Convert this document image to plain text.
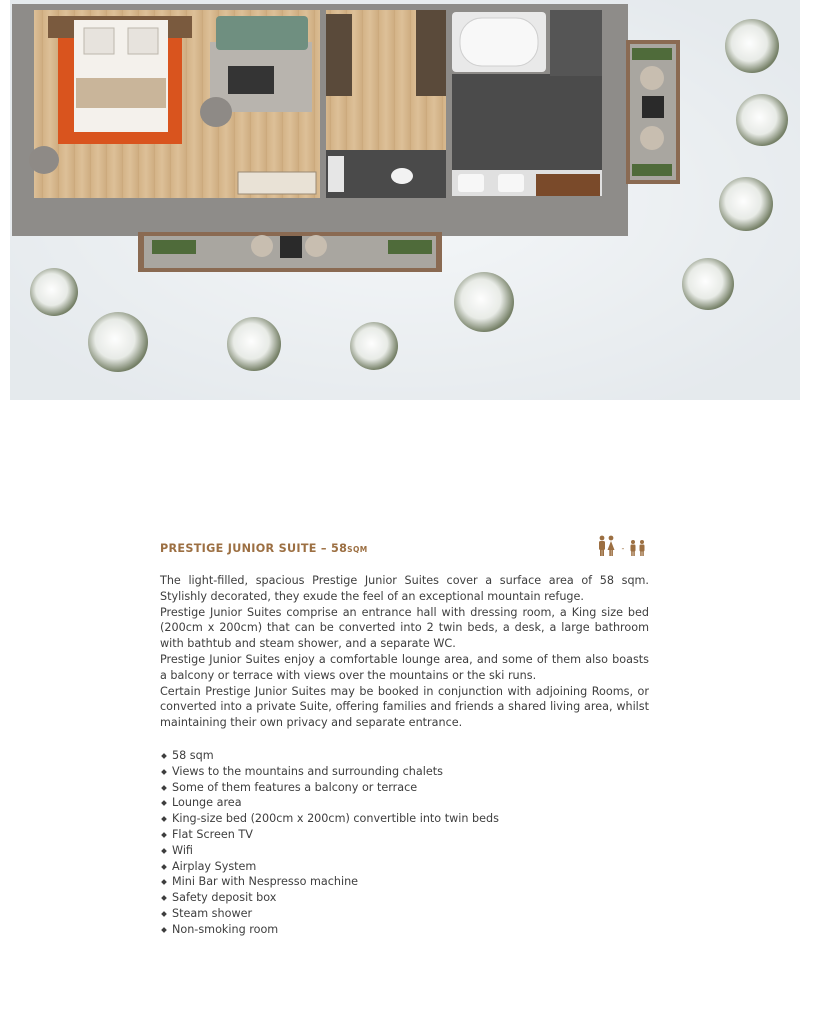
PRESTIGE JUNIOR SUITE – 58SQM	-

The light-filled, spacious Prestige Junior Suites cover a surface area of 58 sqm. Stylishly decorated, they exude the feel of an exceptional mountain refuge.

Prestige Junior Suites comprise an entrance hall with dressing room, a King size bed (200cm x 200cm) that can be converted into 2 twin beds, a desk, a large bathroom with bathtub and steam shower, and a separate WC.

Prestige Junior Suites enjoy a comfortable lounge area, and some of them also boasts a balcony or terrace with views over the mountains or the ski runs.

Certain Prestige Junior Suites may be booked in conjunction with adjoining Rooms, or converted into a private Suite, offering families and friends a shared living area, whilst maintaining their own privacy and separate entrance.

58 sqm
Views to the mountains and surrounding chalets
Some of them features a balcony or terrace
Lounge area
King-size bed (200cm x 200cm) convertible into twin beds
Flat Screen TV
Wifi
Airplay System
Mini Bar with Nespresso machine
Safety deposit box
Steam shower
Non-smoking room
